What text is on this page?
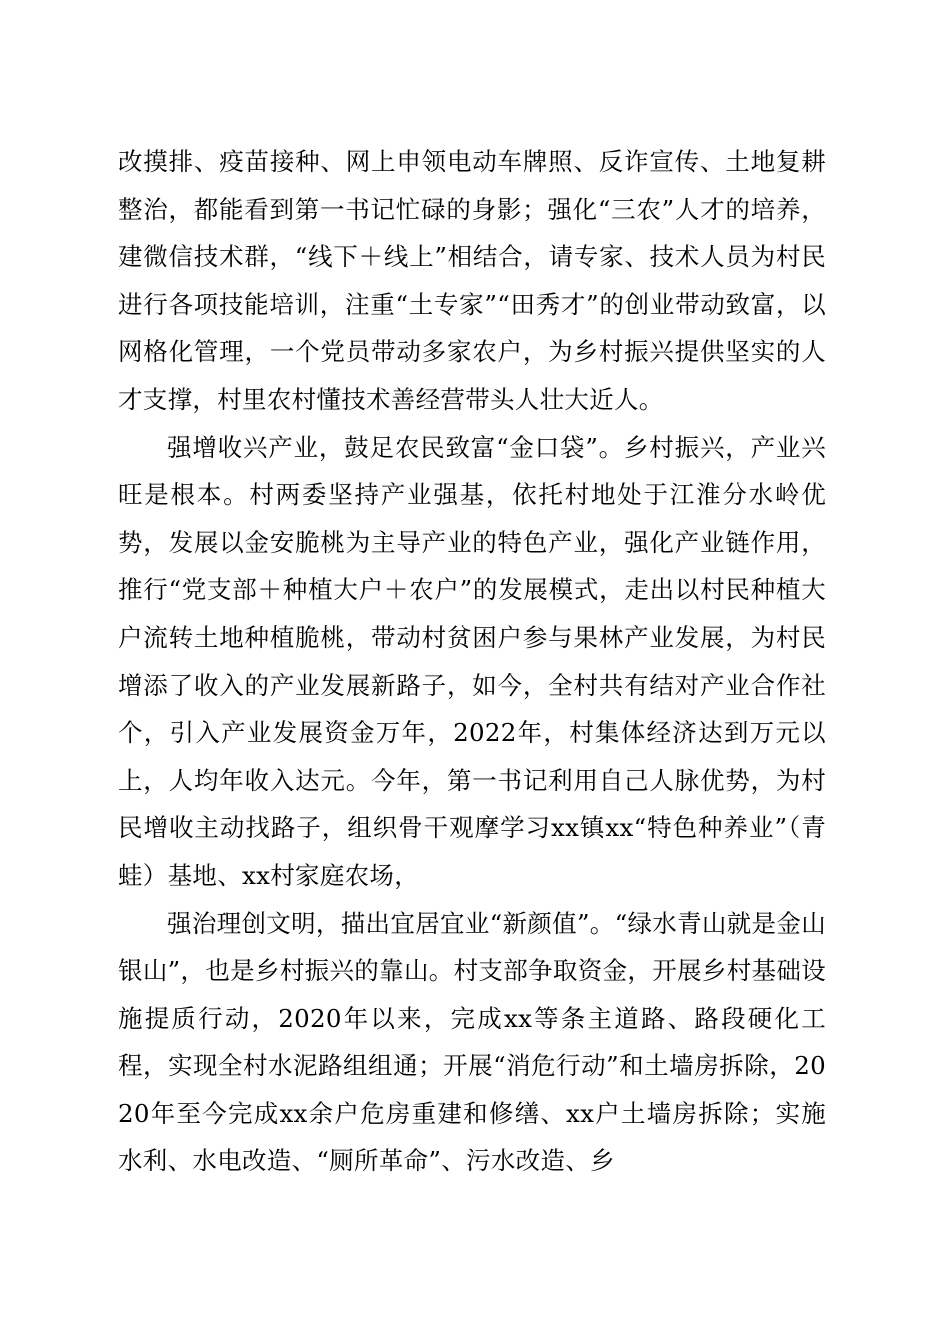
改摸排、疫苗接种、网上申领电动车牌照、反诈宣传、土地复耕整治，都能看到第一书记忙碌的身影；强化“三农”人才的培养，建微信技术群，“线下＋线上”相结合，请专家、技术人员为村民进行各项技能培训，注重“土专家”“田秀才”的创业带动致富，以网格化管理，一个党员带动多家农户，为乡村振兴提供坚实的人才支撑，村里农村懂技术善经营带头人壮大近人。

强增收兴产业，鼓足农民致富“金口袋”。乡村振兴，产业兴旺是根本。村两委坚持产业强基，依托村地处于江淮分水岭优势，发展以金安脆桃为主导产业的特色产业，强化产业链作用，推行“党支部＋种植大户＋农户”的发展模式，走出以村民种植大户流转土地种植脆桃，带动村贫困户参与果林产业发展，为村民增添了收入的产业发展新路子，如今，全村共有结对产业合作社个，引入产业发展资金万年，2022年，村集体经济达到万元以上，人均年收入达元。今年，第一书记利用自己人脉优势，为村民增收主动找路子，组织骨干观摩学习xx镇xx“特色种养业”（青蛙）基地、xx村家庭农场，

强治理创文明，描出宜居宜业“新颜值”。“绿水青山就是金山银山”，也是乡村振兴的靠山。村支部争取资金，开展乡村基础设施提质行动，2020年以来，完成xx等条主道路、路段硬化工程，实现全村水泥路组组通；开展“消危行动”和土墙房拆除，2020年至今完成xx余户危房重建和修缮、xx户土墙房拆除；实施水利、水电改造、“厕所革命”、污水改造、乡
